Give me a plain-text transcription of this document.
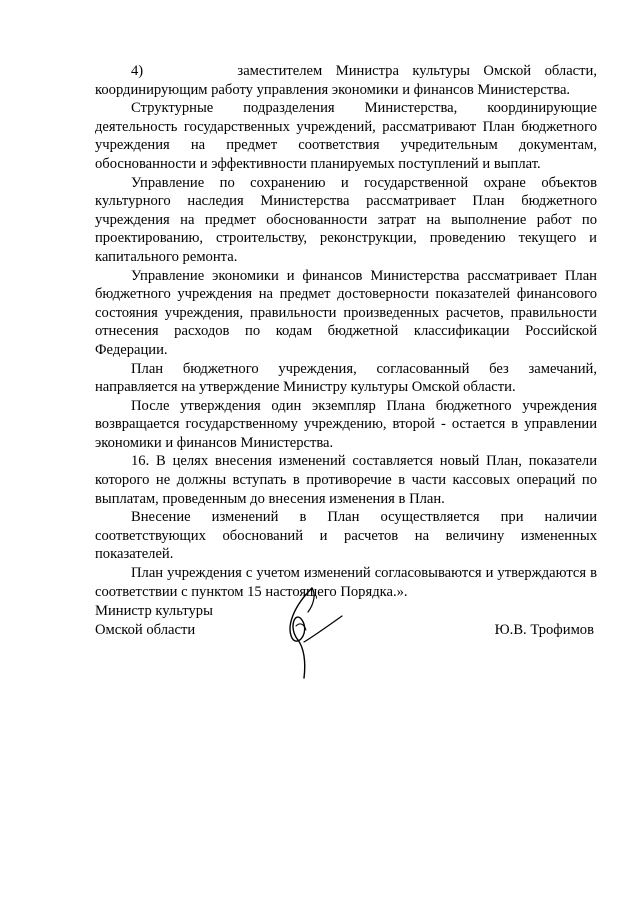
4)       заместителем Министра культуры Омской области, координирующим работу управления экономики и финансов Министерства.

Структурные подразделения Министерства, координирующие деятельность государственных учреждений, рассматривают План бюджетного учреждения на предмет соответствия учредительным документам, обоснованности и эффективности планируемых поступлений и выплат.

Управление по сохранению и государственной охране объектов культурного наследия Министерства рассматривает План бюджетного учреждения на предмет обоснованности затрат на выполнение работ по проектированию, строительству, реконструкции, проведению текущего и капитального ремонта.

Управление экономики и финансов Министерства рассматривает План бюджетного учреждения на предмет достоверности показателей финансового состояния учреждения, правильности произведенных расчетов, правильности отнесения расходов по кодам бюджетной классификации Российской Федерации.

План бюджетного учреждения, согласованный без замечаний, направляется на утверждение Министру культуры Омской области.

После утверждения один экземпляр Плана бюджетного учреждения возвращается государственному учреждению, второй - остается в управлении экономики и финансов Министерства.

16. В целях внесения изменений составляется новый План, показатели которого не должны вступать в противоречие в части кассовых операций по выплатам, проведенным до внесения изменения в План.

Внесение изменений в План осуществляется при наличии соответствующих обоснований и расчетов на величину измененных показателей.

План учреждения с учетом изменений согласовываются и утверждаются в соответствии с пунктом 15 настоящего Порядка.».

Министр культуры
Омской области	Ю.В. Трофимов
